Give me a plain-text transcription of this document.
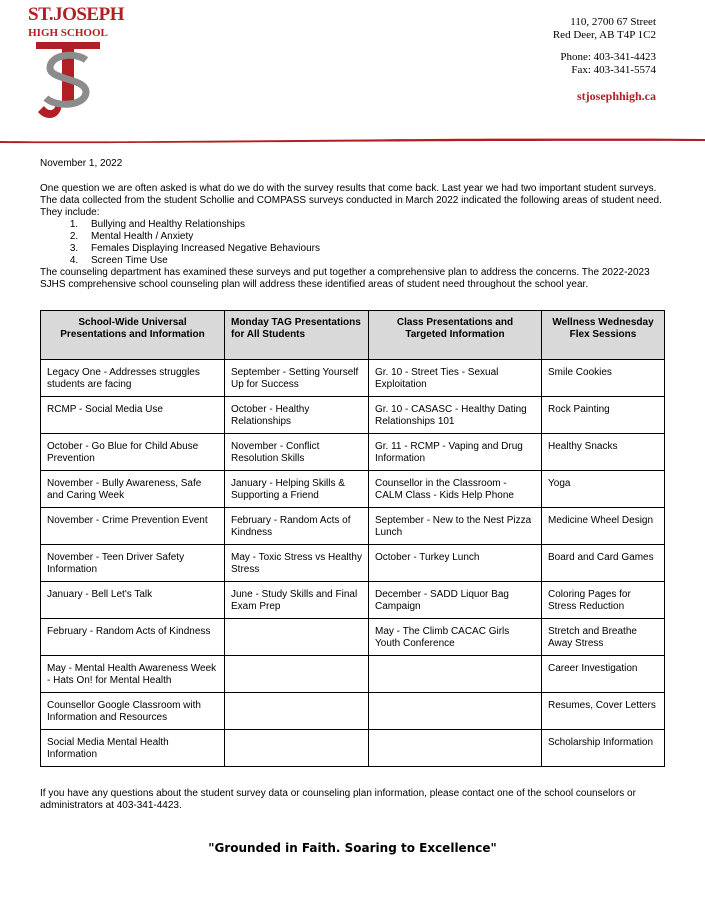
ST.JOSEPH
HIGH SCHOOL
110, 2700 67 Street
Red Deer, AB T4P 1C2
Phone: 403-341-4423
Fax: 403-341-5574
stjosephhigh.ca

November 1, 2022

One question we are often asked is what do we do with the survey results that come back. Last year we had two important student surveys. The data collected from the student Schollie and COMPASS surveys conducted in March 2022 indicated the following areas of student need. They include:

1. Bullying and Healthy Relationships
2. Mental Health / Anxiety
3. Females Displaying Increased Negative Behaviours
4. Screen Time Use

The counseling department has examined these surveys and put together a comprehensive plan to address the concerns. The 2022-2023 SJHS comprehensive school counseling plan will address these identified areas of student need throughout the school year.

School-Wide Universal Presentations and Information	Monday TAG Presentations for All Students	Class Presentations and Targeted Information	Wellness Wednesday Flex Sessions
Legacy One - Addresses struggles students are facing	September - Setting Yourself Up for Success	Gr. 10 - Street Ties - Sexual Exploitation	Smile Cookies
RCMP - Social Media Use	October - Healthy Relationships	Gr. 10 - CASASC - Healthy Dating Relationships 101	Rock Painting
October - Go Blue for Child Abuse Prevention	November - Conflict Resolution Skills	Gr. 11 - RCMP - Vaping and Drug Information	Healthy Snacks
November - Bully Awareness, Safe and Caring Week	January - Helping Skills & Supporting a Friend	Counsellor in the Classroom - CALM Class - Kids Help Phone	Yoga
November - Crime Prevention Event	February - Random Acts of Kindness	September - New to the Nest Pizza Lunch	Medicine Wheel Design
November - Teen Driver Safety Information	May - Toxic Stress vs Healthy Stress	October - Turkey Lunch	Board and Card Games
January - Bell Let's Talk	June - Study Skills and Final Exam Prep	December - SADD Liquor Bag Campaign	Coloring Pages for Stress Reduction
February - Random Acts of Kindness		May - The Climb CACAC Girls Youth Conference	Stretch and Breathe Away Stress
May - Mental Health Awareness Week - Hats On! for Mental Health			Career Investigation
Counsellor Google Classroom with Information and Resources			Resumes, Cover Letters
Social Media Mental Health Information			Scholarship Information

If you have any questions about the student survey data or counseling plan information, please contact one of the school counselors or administrators at 403-341-4423.

"Grounded in Faith. Soaring to Excellence"
